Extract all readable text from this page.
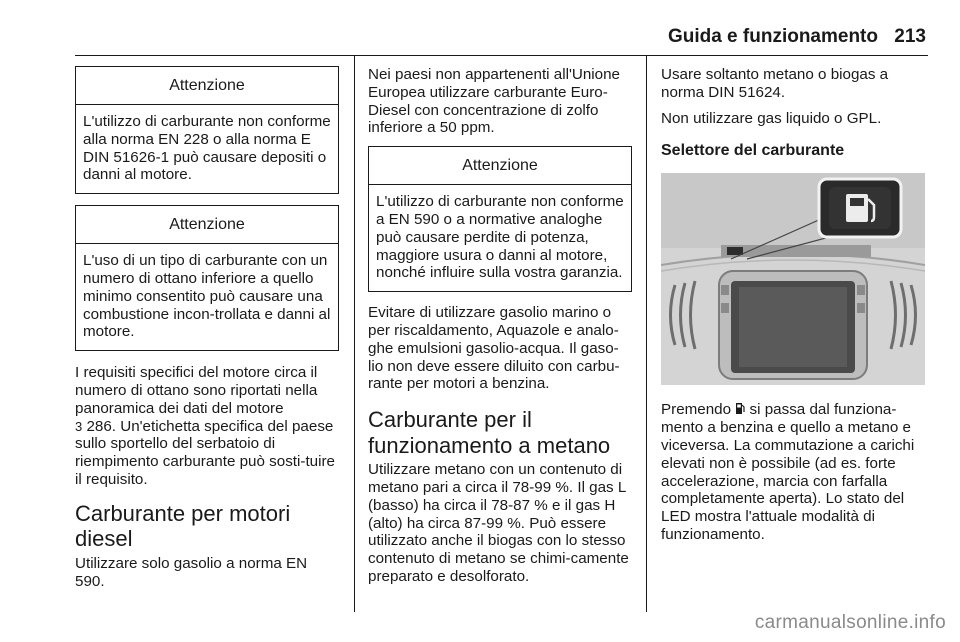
Guida e funzionamento 213
Attenzione
L'utilizzo di carburante non conforme alla norma EN 228 o alla norma E DIN 51626-1 può causare depositi o danni al motore.
Attenzione
L'uso di un tipo di carburante con un numero di ottano inferiore a quello minimo consentito può causare una combustione incon-trollata e danni al motore.

I requisiti specifici del motore circa il numero di ottano sono riportati nella panoramica dei dati del motore
3 286. Un'etichetta specifica del paese sullo sportello del serbatoio di riempimento carburante può sosti-tuire il requisito.

Carburante per motori diesel

Utilizzare solo gasolio a norma EN 590.

Nei paesi non appartenenti all'Unione Europea utilizzare carburante Euro-Diesel con concentrazione di zolfo inferiore a 50 ppm.

Attenzione
L'utilizzo di carburante non conforme a EN 590 o a normative analoghe può causare perdite di potenza, maggiore usura o danni al motore, nonché influire sulla vostra garanzia.

Evitare di utilizzare gasolio marino o per riscaldamento, Aquazole e analo-ghe emulsioni gasolio-acqua. Il gaso-lio non deve essere diluito con carbu-rante per motori a benzina.

Carburante per il funzionamento a metano

Utilizzare metano con un contenuto di metano pari a circa il 78-99 %. Il gas L (basso) ha circa il 78-87 % e il gas H (alto) ha circa 87-99 %. Può essere utilizzato anche il biogas con lo stesso contenuto di metano se chimi-camente preparato e desolforato.

Usare soltanto metano o biogas a norma DIN 51624.

Non utilizzare gas liquido o GPL.

Selettore del carburante

Premendo  si passa dal funziona-mento a benzina e quello a metano e viceversa. La commutazione a carichi elevati non è possibile (ad es. forte accelerazione, marcia con farfalla completamente aperta). Lo stato del LED mostra l'attuale modalità di funzionamento.

carmanualsonline.info
